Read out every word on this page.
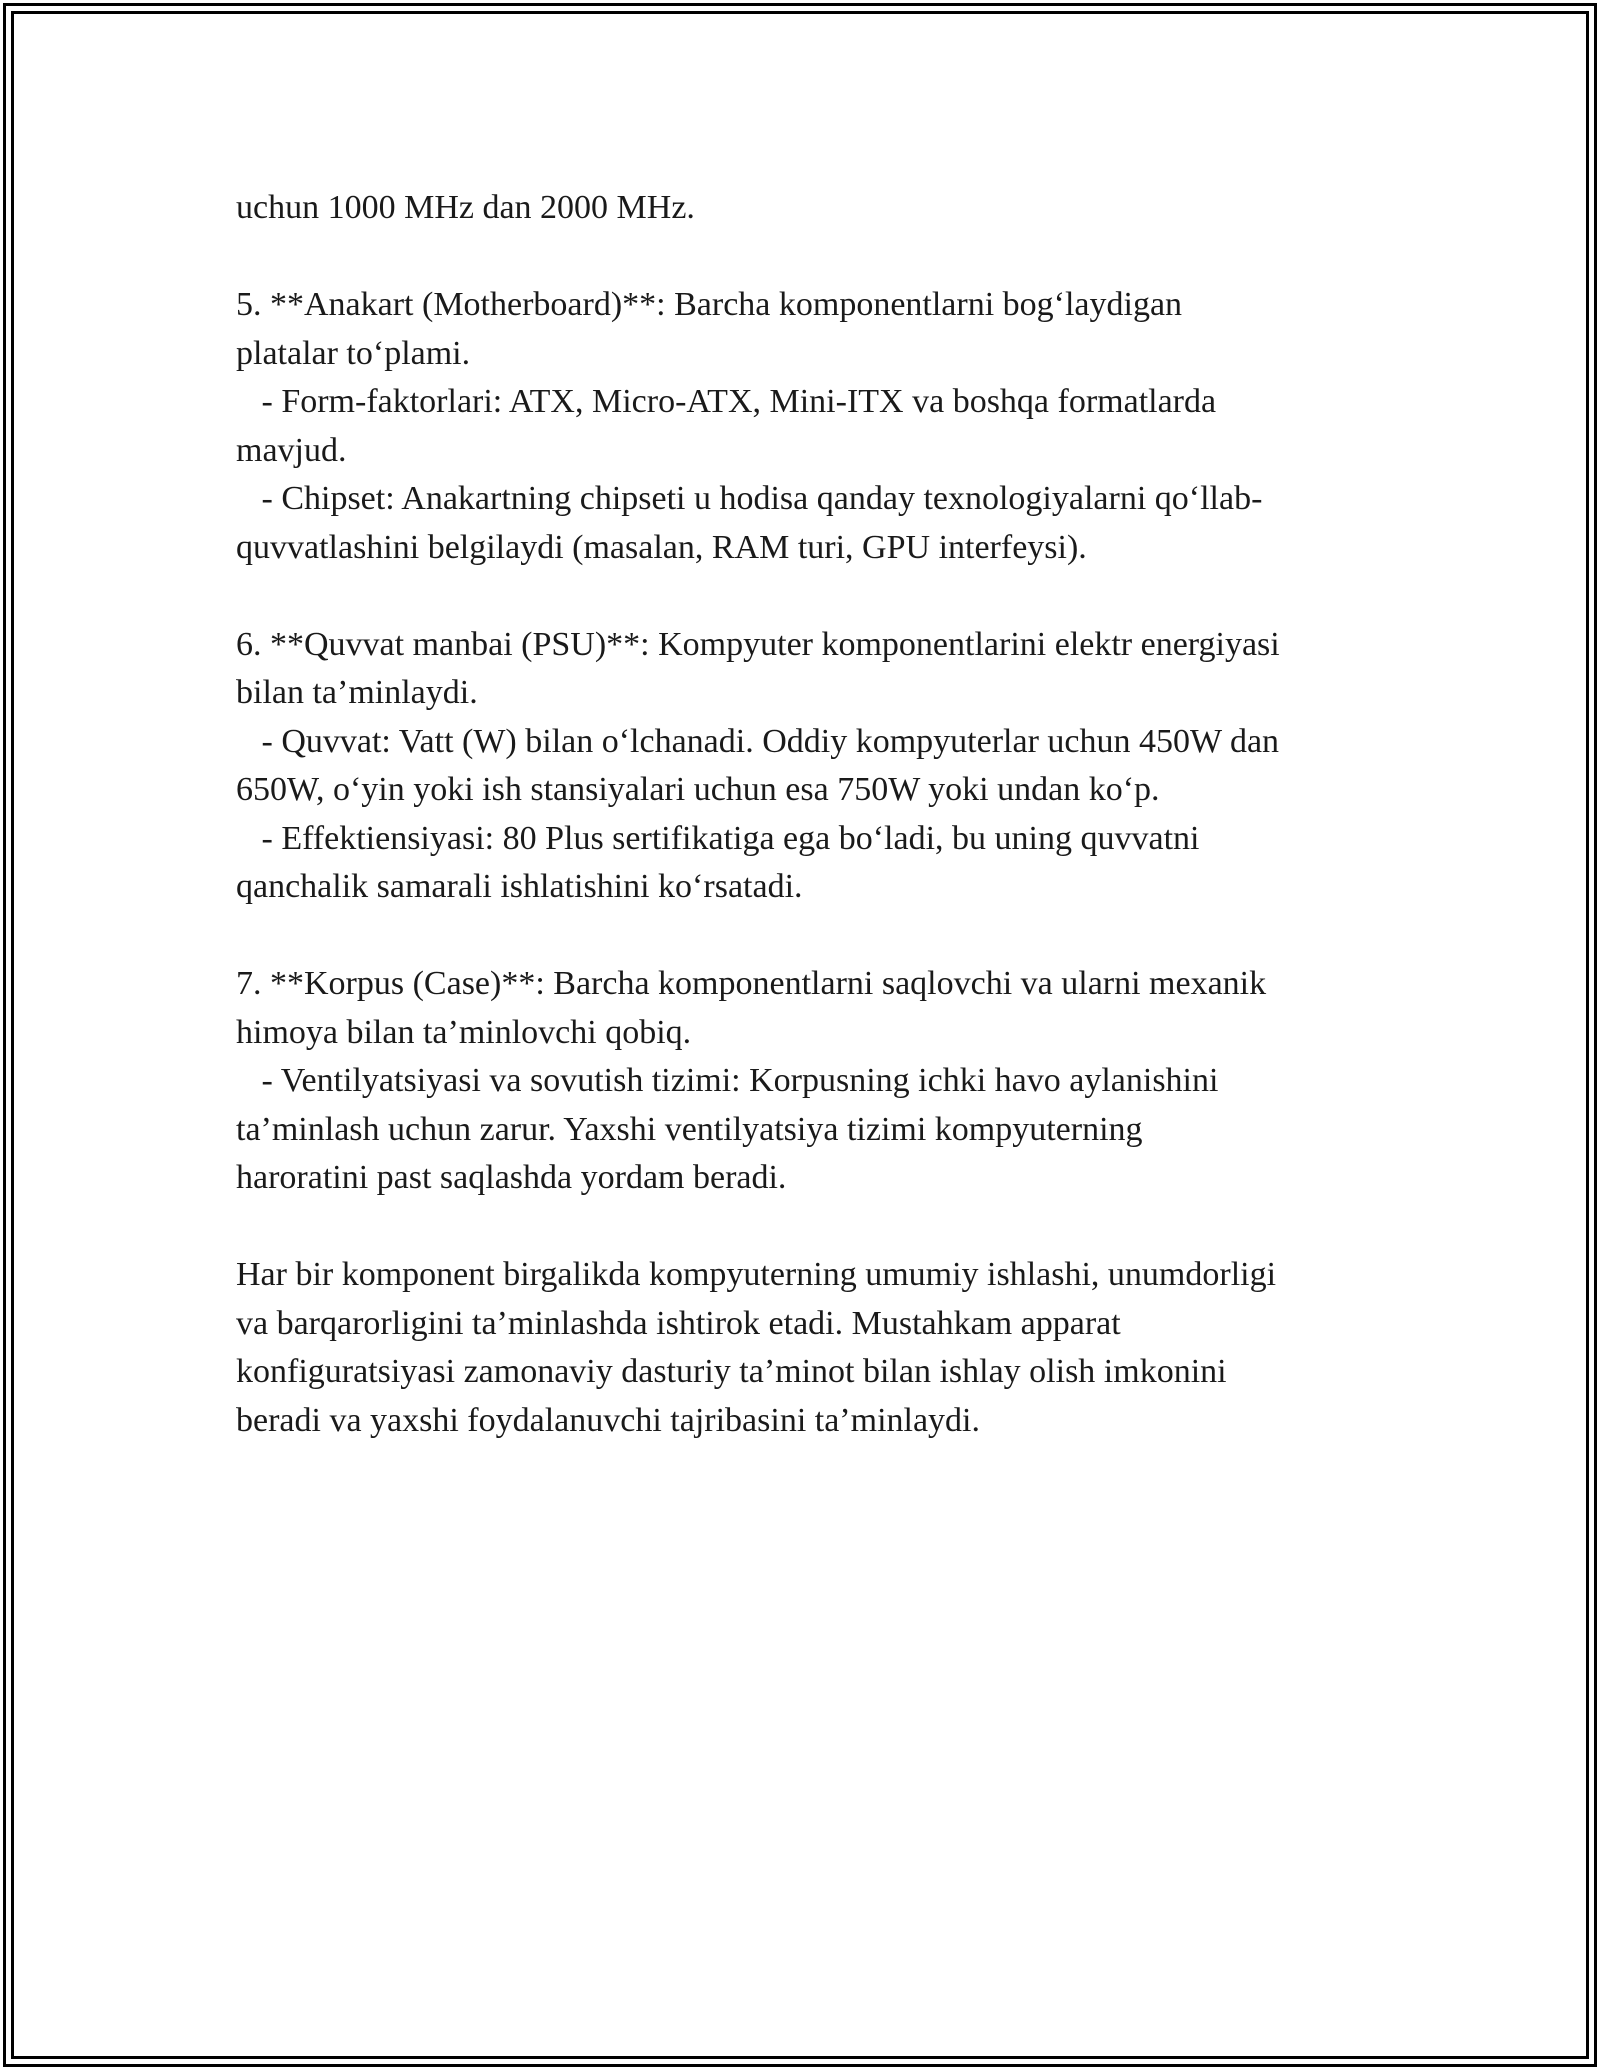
uchun 1000 MHz dan 2000 MHz.
5. **Anakart (Motherboard)**: Barcha komponentlarni bog‘laydigan
platalar to‘plami.
- Form-faktorlari: ATX, Micro-ATX, Mini-ITX va boshqa formatlarda
mavjud.
- Chipset: Anakartning chipseti u hodisa qanday texnologiyalarni qo‘llab-
quvvatlashini belgilaydi (masalan, RAM turi, GPU interfeysi).
6. **Quvvat manbai (PSU)**: Kompyuter komponentlarini elektr energiyasi
bilan ta’minlaydi.
- Quvvat: Vatt (W) bilan o‘lchanadi. Oddiy kompyuterlar uchun 450W dan
650W, o‘yin yoki ish stansiyalari uchun esa 750W yoki undan ko‘p.
- Effektiensiyasi: 80 Plus sertifikatiga ega bo‘ladi, bu uning quvvatni
qanchalik samarali ishlatishini ko‘rsatadi.
7. **Korpus (Case)**: Barcha komponentlarni saqlovchi va ularni mexanik
himoya bilan ta’minlovchi qobiq.
- Ventilyatsiyasi va sovutish tizimi: Korpusning ichki havo aylanishini
ta’minlash uchun zarur. Yaxshi ventilyatsiya tizimi kompyuterning
haroratini past saqlashda yordam beradi.
Har bir komponent birgalikda kompyuterning umumiy ishlashi, unumdorligi
va barqarorligini ta’minlashda ishtirok etadi. Mustahkam apparat
konfiguratsiyasi zamonaviy dasturiy ta’minot bilan ishlay olish imkonini
beradi va yaxshi foydalanuvchi tajribasini ta’minlaydi.
